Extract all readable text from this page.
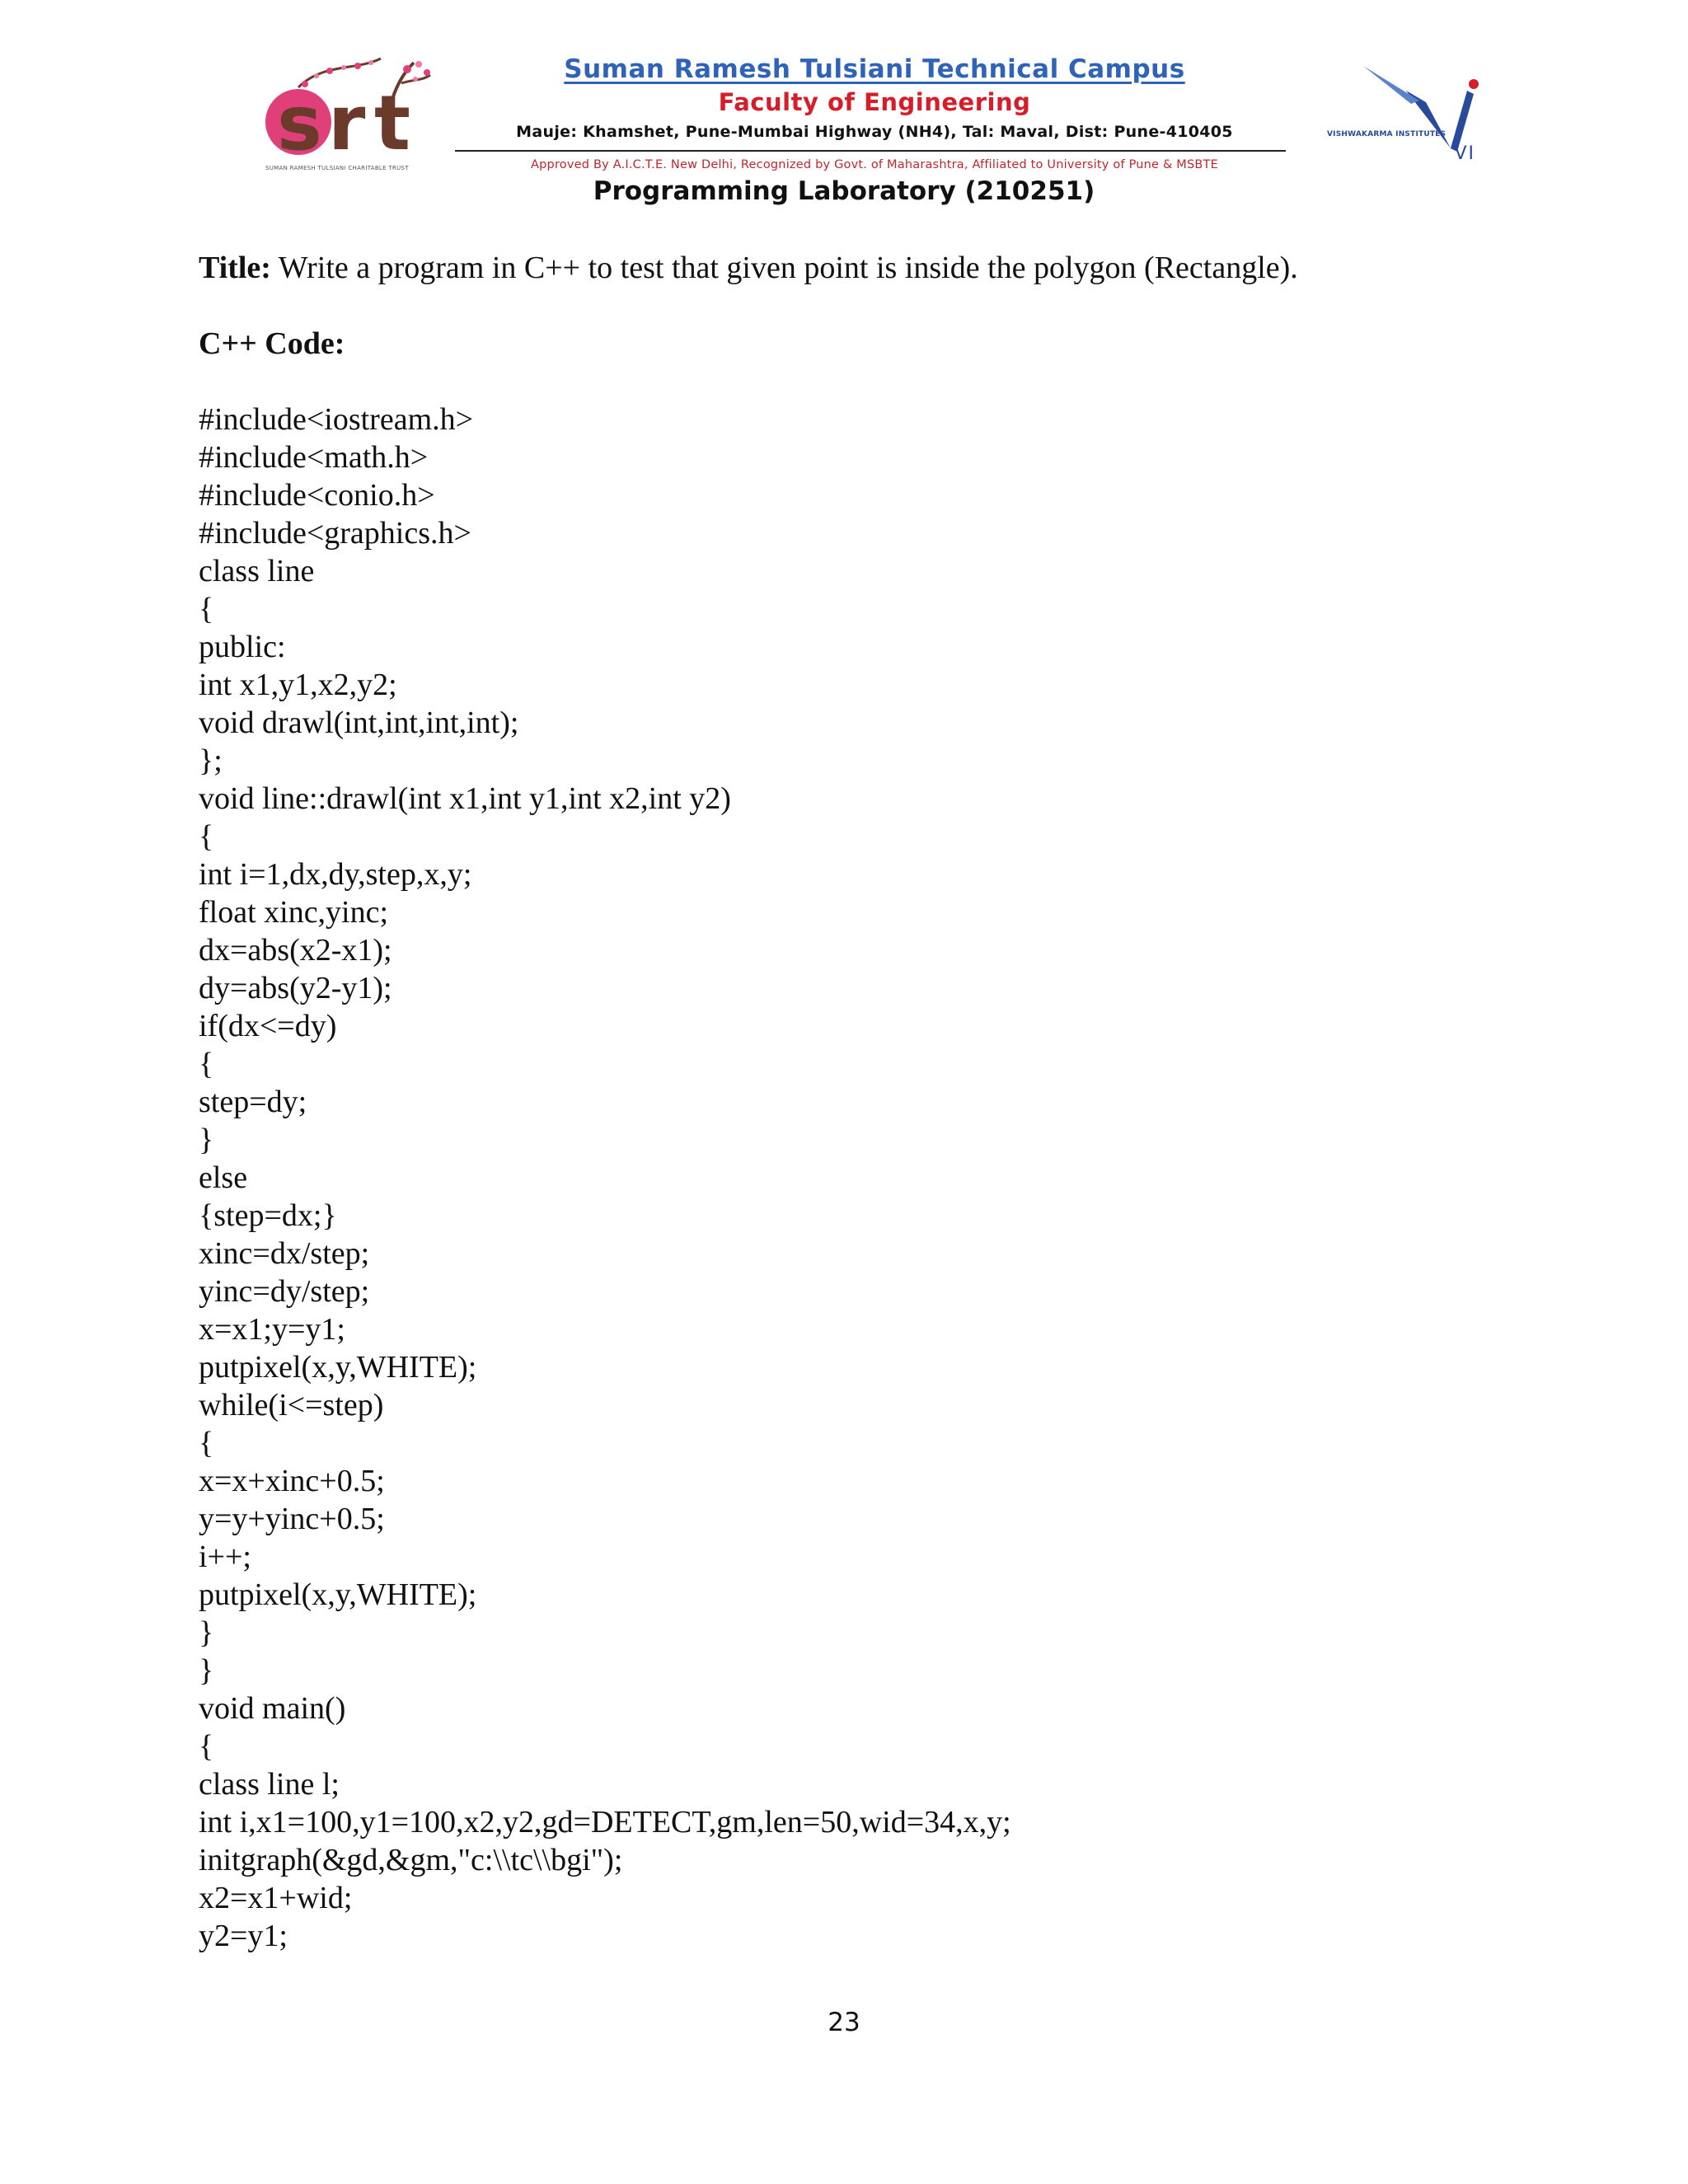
s r t
SUMAN RAMESH TULSIANI CHARITABLE TRUST
Suman Ramesh Tulsiani Technical Campus
Faculty of Engineering
Mauje: Khamshet, Pune-Mumbai Highway (NH4), Tal: Maval, Dist: Pune-410405
Approved By A.I.C.T.E. New Delhi, Recognized by Govt. of Maharashtra, Affiliated to University of Pune & MSBTE
VISHWAKARMA INSTITUTES
VI
Programming Laboratory (210251)
Title: Write a program in C++ to test that given point is inside the polygon (Rectangle).
C++ Code:
#include<iostream.h>
#include<math.h>
#include<conio.h>
#include<graphics.h>
class line
{
public:
int x1,y1,x2,y2;
void drawl(int,int,int,int);
};
void line::drawl(int x1,int y1,int x2,int y2)
{
int i=1,dx,dy,step,x,y;
float xinc,yinc;
dx=abs(x2-x1);
dy=abs(y2-y1);
if(dx<=dy)
{
step=dy;
}
else
{step=dx;}
xinc=dx/step;
yinc=dy/step;
x=x1;y=y1;
putpixel(x,y,WHITE);
while(i<=step)
{
x=x+xinc+0.5;
y=y+yinc+0.5;
i++;
putpixel(x,y,WHITE);
}
}
void main()
{
class line l;
int i,x1=100,y1=100,x2,y2,gd=DETECT,gm,len=50,wid=34,x,y;
initgraph(&gd,&gm,"c:\\tc\\bgi");
x2=x1+wid;
y2=y1;
23
